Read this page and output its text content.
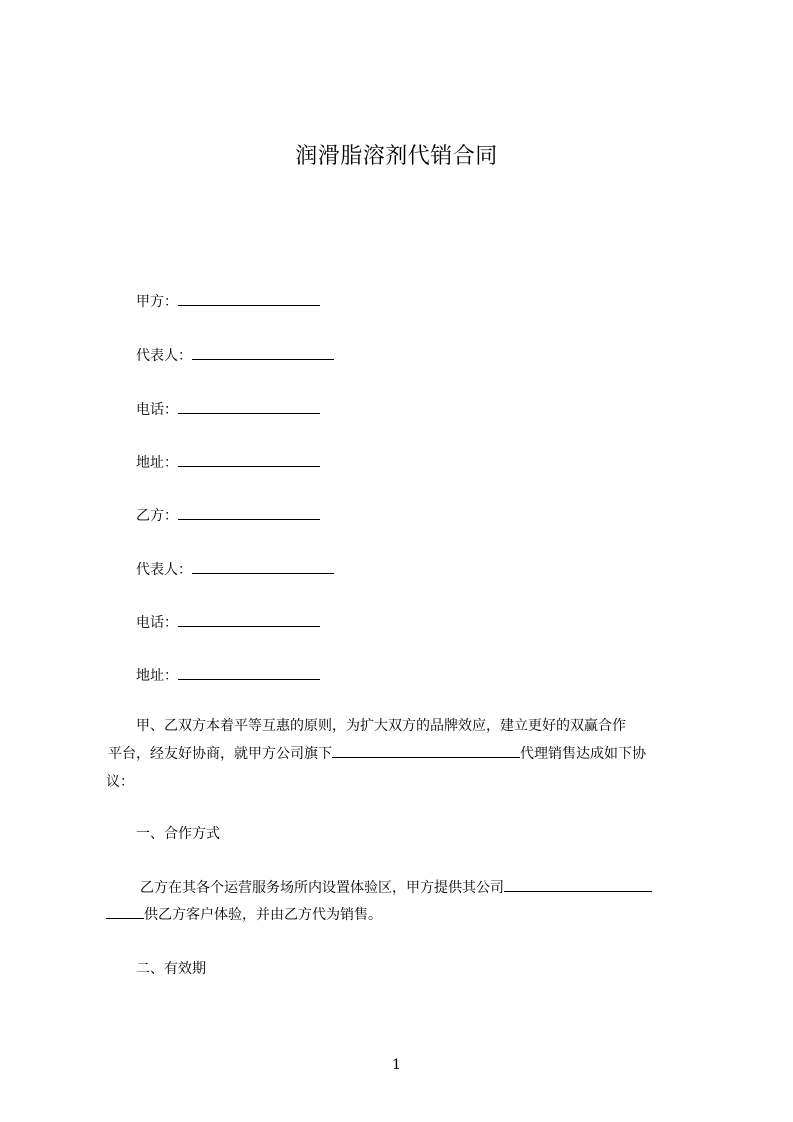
润滑脂溶剂代销合同
甲方：
代表人：
电话：
地址：
乙方：
代表人：
电话：
地址：
甲、乙双方本着平等互惠的原则，为扩大双方的品牌效应，建立更好的双赢合作
平台，经友好协商，就甲方公司旗下	代理销售达成如下协
议：
一、合作方式
乙方在其各个运营服务场所内设置体验区，甲方提供其公司
供乙方客户体验，并由乙方代为销售。
二、有效期
1
